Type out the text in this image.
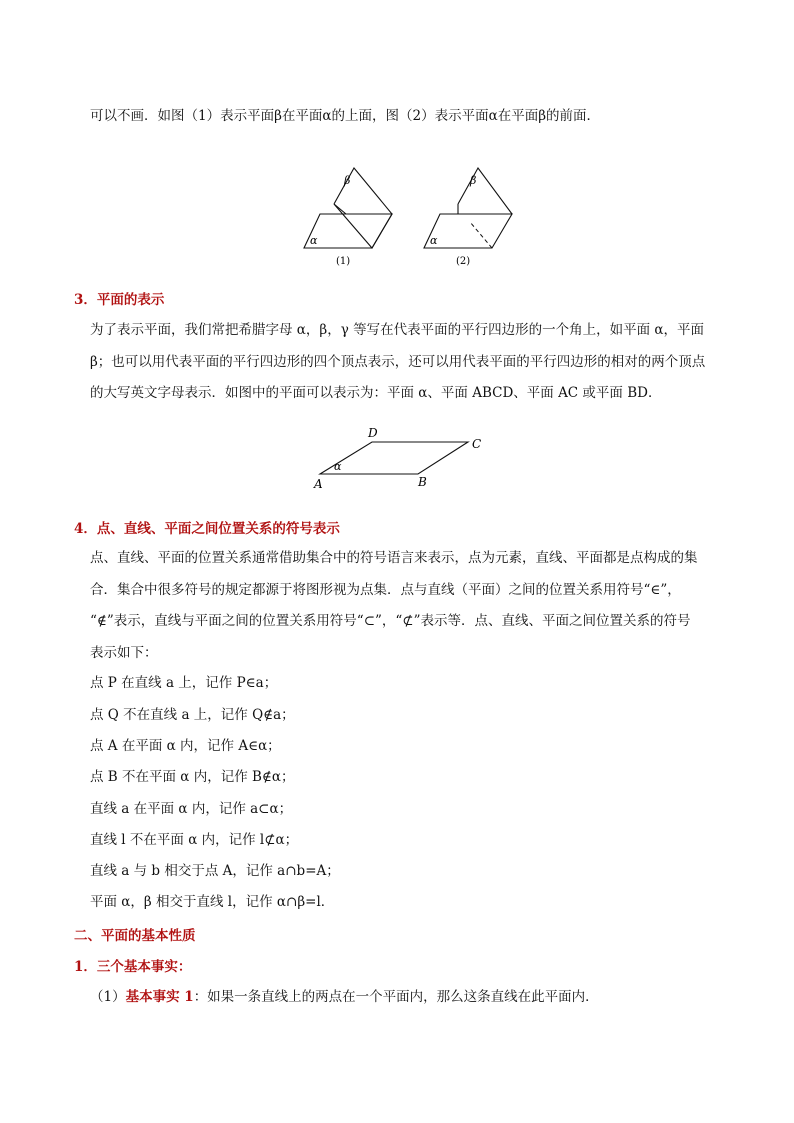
可以不画．如图（1）表示平面β在平面α的上面，图（2）表示平面α在平面β的前面．
β
α
(1)
β
α
(2)
3．平面的表示
为了表示平面，我们常把希腊字母 α，β，γ 等写在代表平面的平行四边形的一个角上，如平面 α，平面
β；也可以用代表平面的平行四边形的四个顶点表示，还可以用代表平面的平行四边形的相对的两个顶点
的大写英文字母表示．如图中的平面可以表示为：平面 α、平面 ABCD、平面 AC 或平面 BD．
A	B
C
D
α
4．点、直线、平面之间位置关系的符号表示
点、直线、平面的位置关系通常借助集合中的符号语言来表示，点为元素，直线、平面都是点构成的集
合．集合中很多符号的规定都源于将图形视为点集．点与直线（平面）之间的位置关系用符号“∈”，
“∉”表示，直线与平面之间的位置关系用符号“⊂”，“⊄”表示等．点、直线、平面之间位置关系的符号
表示如下：
点 P 在直线 a 上，记作 P∈a；
点 Q 不在直线 a 上，记作 Q∉a；
点 A 在平面 α 内，记作 A∈α；
点 B 不在平面 α 内，记作 B∉α；
直线 a 在平面 α 内，记作 a⊂α；
直线 l 不在平面 α 内，记作 l⊄α；
直线 a 与 b 相交于点 A，记作 a∩b=A；
平面 α，β 相交于直线 l，记作 α∩β=l．
二、平面的基本性质
1．三个基本事实：
（1）基本事实 1：如果一条直线上的两点在一个平面内，那么这条直线在此平面内．
